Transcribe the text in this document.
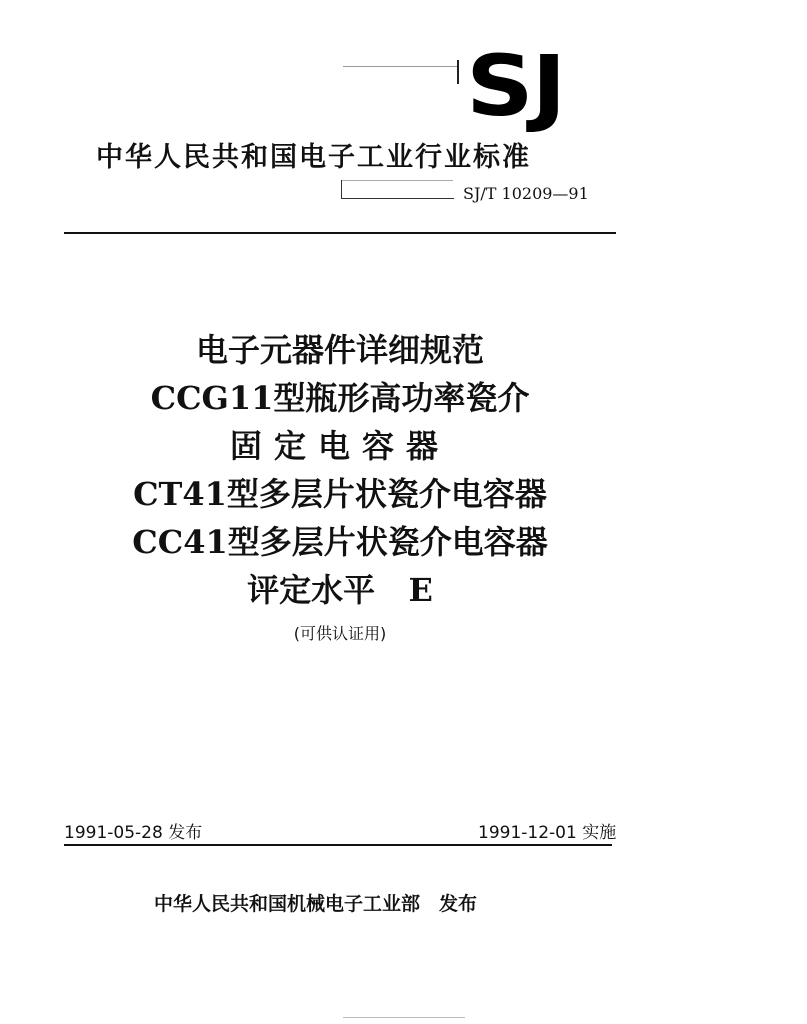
SJ
中华人民共和国电子工业行业标准
SJ/T 10209—91
电子元器件详细规范
CCG11型瓶形高功率瓷介
固定电容器
CT41型多层片状瓷介电容器
CC41型多层片状瓷介电容器
评定水平 E
(可供认证用)
1991-05-28 发布	1991-12-01 实施
中华人民共和国机械电子工业部　发布
